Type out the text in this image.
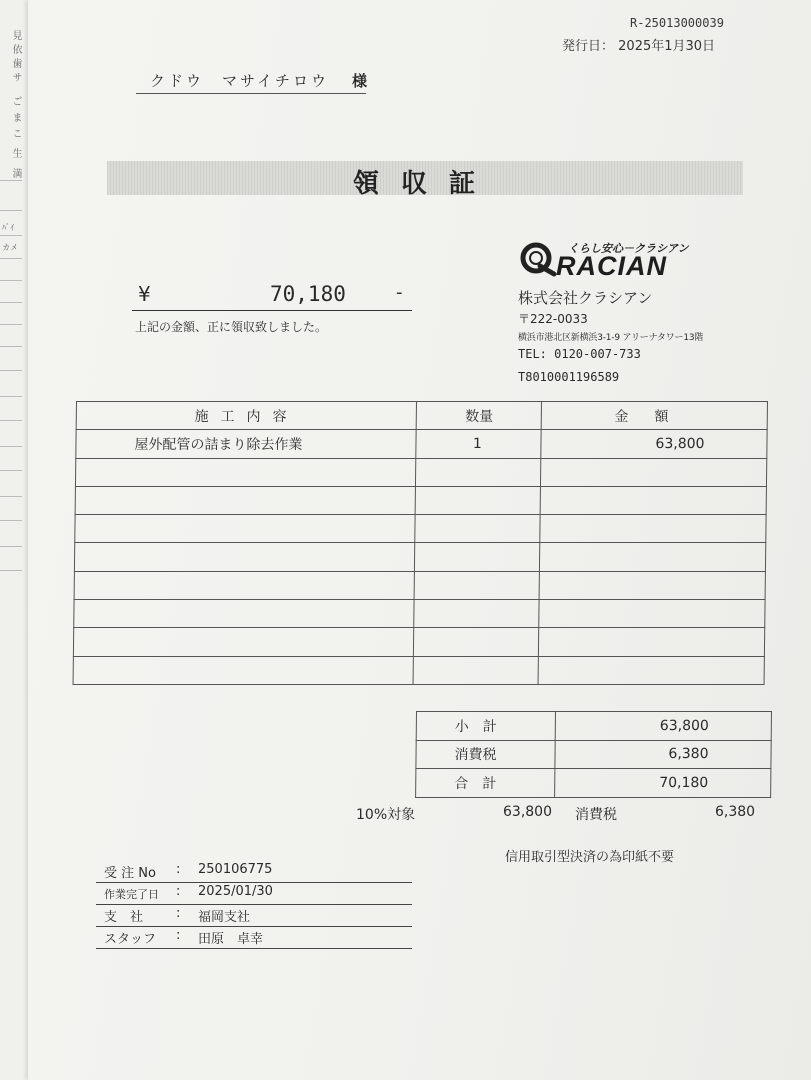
見
依
歯
サ
ご
ま
こ
生
満
ﾊﾞｲ
カメ
R-25013000039
発行日： 2025年1月30日
クドウ　マサイチロウ 様
領収証
¥	70,180	-
上記の金額、正に領収致しました。
くらし安心－クラシアン
RACIAN
株式会社クラシアン
〒222-0033
横浜市港北区新横浜3-1-9 アリーナタワー13階
TEL: 0120-007-733
T8010001196589
施工内容	数量	金額
屋外配管の詰まり除去作業	1	63,800

小　計	63,800
消費税	6,380
合　計	70,180
10%対象	63,800 消費税	6,380
信用取引型決済の為印紙不要
受 注 No : 250106775
作業完了日 : 2025/01/30
支　社	: 福岡支社
スタッフ : 田原　卓幸
